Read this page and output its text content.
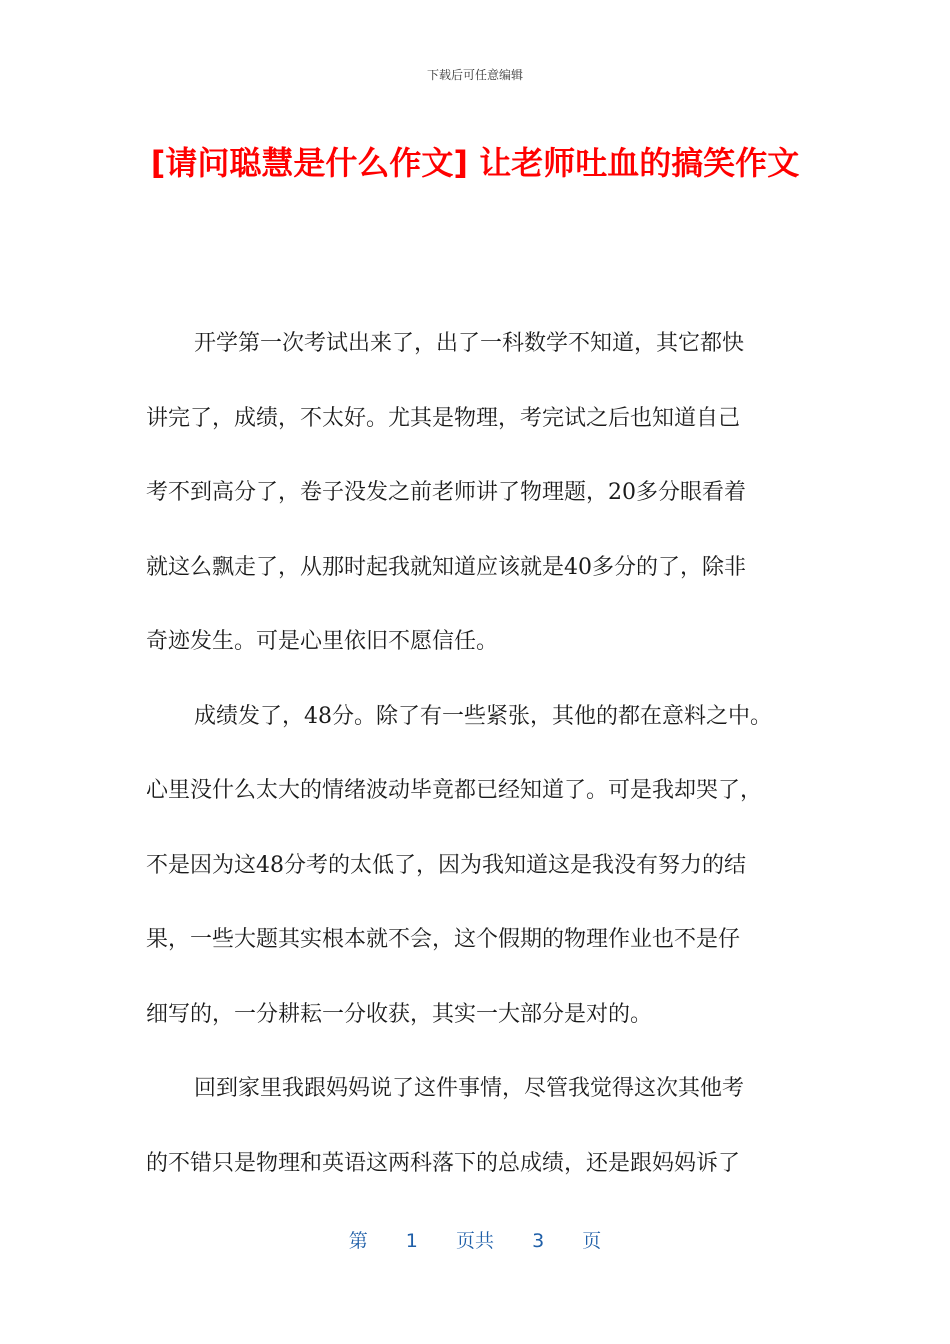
下载后可任意编辑
[请问聪慧是什么作文] 让老师吐血的搞笑作文
开学第一次考试出来了，出了一科数学不知道，其它都快
讲完了，成绩，不太好。尤其是物理，考完试之后也知道自己
考不到高分了，卷子没发之前老师讲了物理题，20多分眼看着
就这么飘走了，从那时起我就知道应该就是40多分的了，除非
奇迹发生。可是心里依旧不愿信任。
成绩发了，48分。除了有一些紧张，其他的都在意料之中。
心里没什么太大的情绪波动毕竟都已经知道了。可是我却哭了，
不是因为这48分考的太低了，因为我知道这是我没有努力的结
果，一些大题其实根本就不会，这个假期的物理作业也不是仔
细写的，一分耕耘一分收获，其实一大部分是对的。
回到家里我跟妈妈说了这件事情，尽管我觉得这次其他考
的不错只是物理和英语这两科落下的总成绩，还是跟妈妈诉了
第 1 页共 3 页
